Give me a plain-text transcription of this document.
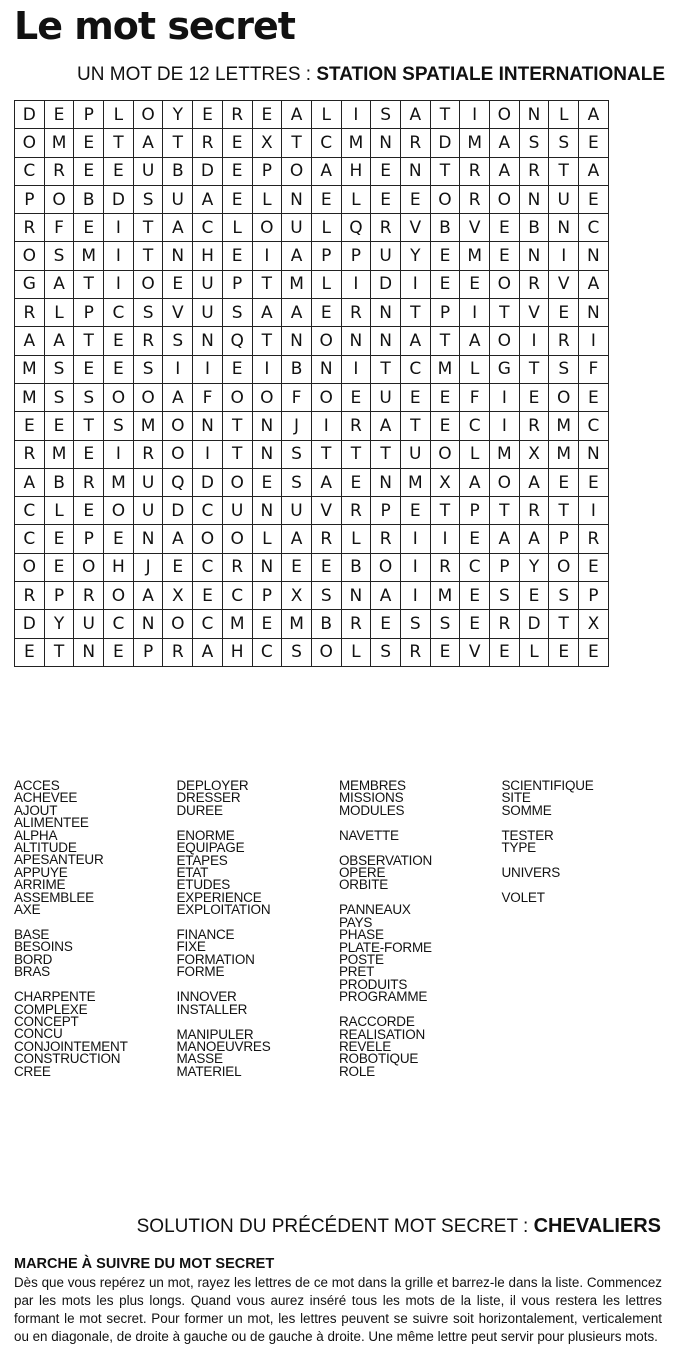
Le mot secret
UN MOT DE 12 LETTRES : STATION SPATIALE INTERNATIONALE
D	E	P	L	O	Y	E	R	E	A	L	I	S	A	T	I	O	N	L	A
O	M	E	T	A	T	R	E	X	T	C	M	N	R	D	M	A	S	S	E
C	R	E	E	U	B	D	E	P	O	A	H	E	N	T	R	A	R	T	A
P	O	B	D	S	U	A	E	L	N	E	L	E	E	O	R	O	N	U	E
R	F	E	I	T	A	C	L	O	U	L	Q	R	V	B	V	E	B	N	C
O	S	M	I	T	N	H	E	I	A	P	P	U	Y	E	M	E	N	I	N
G	A	T	I	O	E	U	P	T	M	L	I	D	I	E	E	O	R	V	A
R	L	P	C	S	V	U	S	A	A	E	R	N	T	P	I	T	V	E	N
A	A	T	E	R	S	N	Q	T	N	O	N	N	A	T	A	O	I	R	I
M	S	E	E	S	I	I	E	I	B	N	I	T	C	M	L	G	T	S	F
M	S	S	O	O	A	F	O	O	F	O	E	U	E	E	F	I	E	O	E
E	E	T	S	M	O	N	T	N	J	I	R	A	T	E	C	I	R	M	C
R	M	E	I	R	O	I	T	N	S	T	T	T	U	O	L	M	X	M	N
A	B	R	M	U	Q	D	O	E	S	A	E	N	M	X	A	O	A	E	E
C	L	E	O	U	D	C	U	N	U	V	R	P	E	T	P	T	R	T	I
C	E	P	E	N	A	O	O	L	A	R	L	R	I	I	E	A	A	P	R
O	E	O	H	J	E	C	R	N	E	E	B	O	I	R	C	P	Y	O	E
R	P	R	O	A	X	E	C	P	X	S	N	A	I	M	E	S	E	S	P
D	Y	U	C	N	O	C	M	E	M	B	R	E	S	S	E	R	D	T	X
E	T	N	E	P	R	A	H	C	S	O	L	S	R	E	V	E	L	E	E
ACCES
ACHEVEE
AJOUT
ALIMENTEE
ALPHA
ALTITUDE
APESANTEUR
APPUYE
ARRIME
ASSEMBLEE
AXE
BASE
BESOINS
BORD
BRAS
CHARPENTE
COMPLEXE
CONCEPT
CONCU
CONJOINTEMENT
CONSTRUCTION
CREE
DEPLOYER
DRESSER
DUREE
ENORME
EQUIPAGE
ETAPES
ETAT
ETUDES
EXPERIENCE
EXPLOITATION
FINANCE
FIXE
FORMATION
FORME
INNOVER
INSTALLER
MANIPULER
MANOEUVRES
MASSE
MATERIEL
MEMBRES
MISSIONS
MODULES
NAVETTE
OBSERVATION
OPERE
ORBITE
PANNEAUX
PAYS
PHASE
PLATE-FORME
POSTE
PRET
PRODUITS
PROGRAMME
RACCORDE
REALISATION
REVELE
ROBOTIQUE
ROLE
SCIENTIFIQUE
SITE
SOMME
TESTER
TYPE
UNIVERS
VOLET
SOLUTION DU PRÉCÉDENT MOT SECRET : CHEVALIERS
MARCHE À SUIVRE DU MOT SECRET
Dès que vous repérez un mot, rayez les lettres de ce mot dans la grille et barrez-le dans la liste. Commencez par les mots les plus longs. Quand vous aurez inséré tous les mots de la liste, il vous restera les lettres formant le mot secret. Pour former un mot, les lettres peuvent se suivre soit horizontalement, verticalement ou en diagonale, de droite à gauche ou de gauche à droite. Une même lettre peut servir pour plusieurs mots.
